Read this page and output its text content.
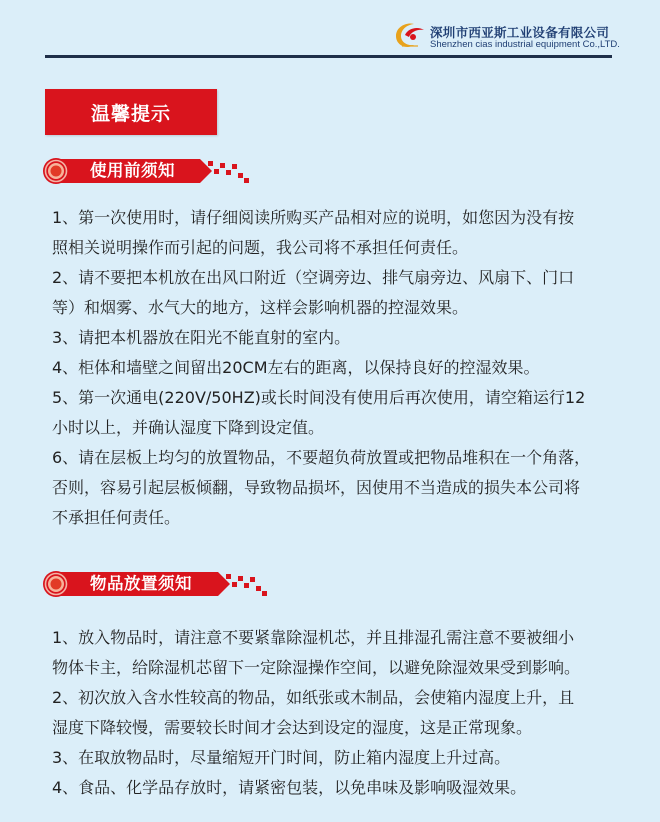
深圳市西亚斯工业设备有限公司
Shenzhen cias industrial equipment Co.,LTD.
温馨提示
使用前须知

1、第一次使用时，请仔细阅读所购买产品相对应的说明，如您因为没有按
照相关说明操作而引起的问题，我公司将不承担任何责任。

2、请不要把本机放在出风口附近（空调旁边、排气扇旁边、风扇下、门口
等）和烟雾、水气大的地方，这样会影响机器的控湿效果。

3、请把本机器放在阳光不能直射的室内。

4、柜体和墙壁之间留出20CM左右的距离，以保持良好的控湿效果。

5、第一次通电(220V/50HZ)或长时间没有使用后再次使用，请空箱运行12
小时以上，并确认湿度下降到设定值。

6、请在层板上均匀的放置物品，不要超负荷放置或把物品堆积在一个角落，
否则，容易引起层板倾翻，导致物品损坏，因使用不当造成的损失本公司将
不承担任何责任。

物品放置须知

1、放入物品时，请注意不要紧靠除湿机芯，并且排湿孔需注意不要被细小
物体卡主，给除湿机芯留下一定除湿操作空间，以避免除湿效果受到影响。

2、初次放入含水性较高的物品，如纸张或木制品，会使箱内湿度上升，且
湿度下降较慢，需要较长时间才会达到设定的湿度，这是正常现象。

3、在取放物品时，尽量缩短开门时间，防止箱内湿度上升过高。

4、食品、化学品存放时，请紧密包装，以免串味及影响吸湿效果。
